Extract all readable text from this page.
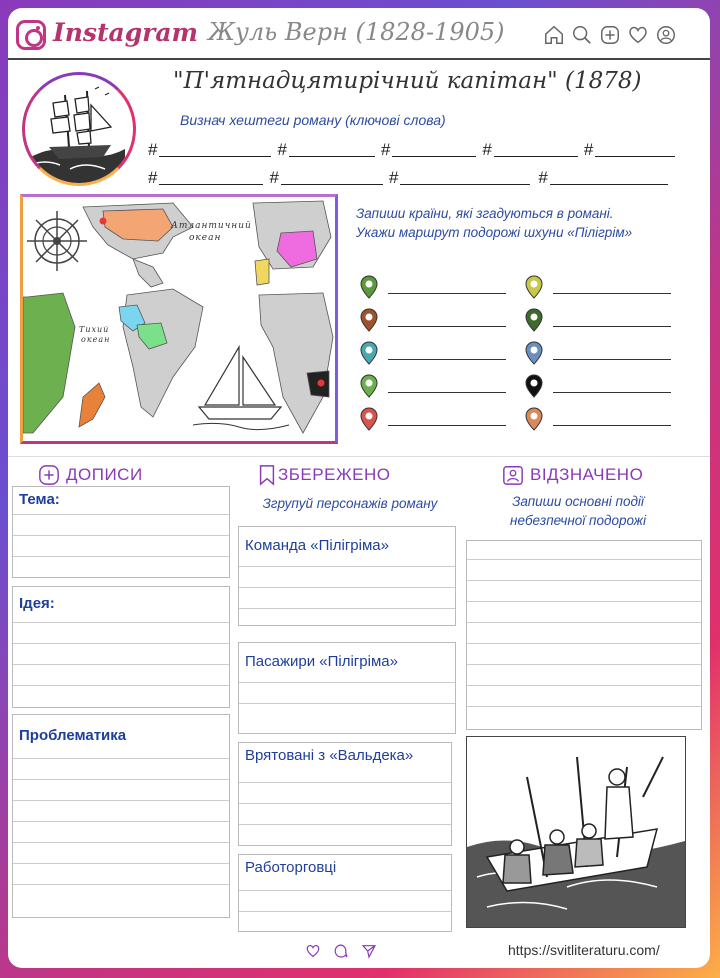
Instagram Жуль Верн (1828-1905)
"П'ятнадцятирічний капітан" (1878)
Визнач хештеги роману (ключові слова)
#	#	#	#	#
#	#	#	#
Атлантичний
океан
Тихий
океан
Запиши країни, які згадуються в романі.
Укажи маршрут подорожі шхуни «Пілігрім»
ДОПИСИ	ЗБЕРЕЖЕНО	ВІДЗНАЧЕНО
Тема:
Ідея:
Проблематика
Згрупуй персонажів роману
Команда «Пілігріма»
Пасажири «Пілігріма»
Врятовані з «Вальдека»
Работорговці
Запиши основні події
небезпечної подорожі
https://svitliteraturu.com/
